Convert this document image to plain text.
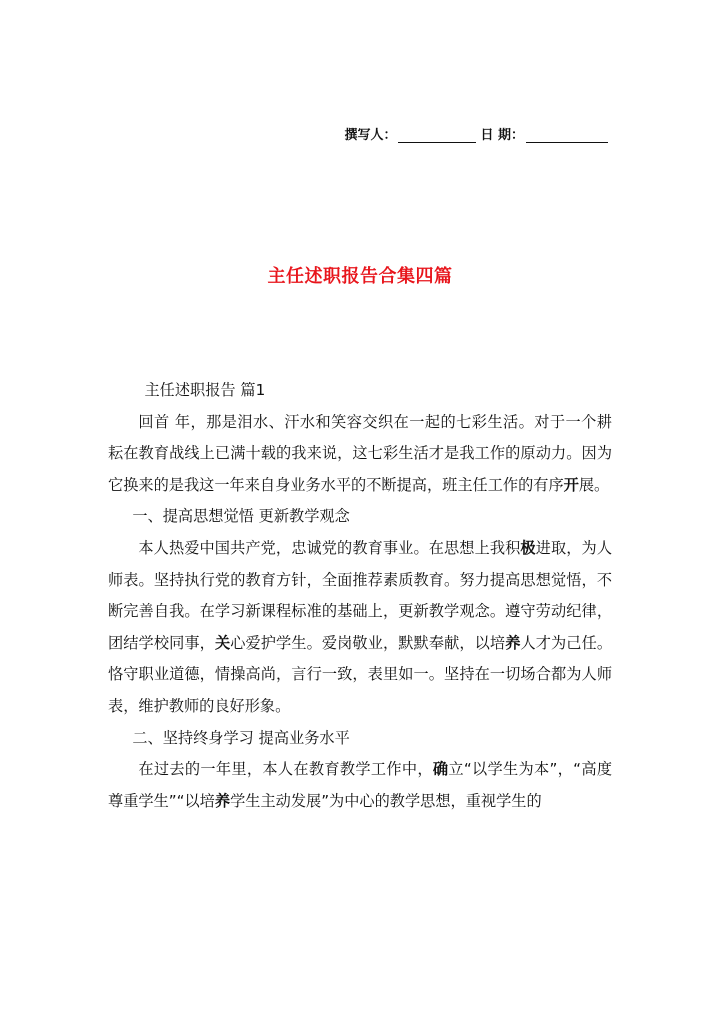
撰写人：	日 期：
主任述职报告合集四篇

主任述职报告 篇1

回首 年，那是泪水、汗水和笑容交织在一起的七彩生活。对于一个耕耘在教育战线上已满十载的我来说，这七彩生活才是我工作的原动力。因为它换来的是我这一年来自身业务水平的不断提高，班主任工作的有序开展。

一、提高思想觉悟 更新教学观念

本人热爱中国共产党，忠诚党的教育事业。在思想上我积极进取，为人师表。坚持执行党的教育方针，全面推荐素质教育。努力提高思想觉悟，不断完善自我。在学习新课程标准的基础上，更新教学观念。遵守劳动纪律，团结学校同事，关心爱护学生。爱岗敬业，默默奉献，以培养人才为己任。恪守职业道德，情操高尚，言行一致，表里如一。坚持在一切场合都为人师表，维护教师的良好形象。

二、坚持终身学习 提高业务水平

在过去的一年里，本人在教育教学工作中，确立“以学生为本”，“高度尊重学生”“以培养学生主动发展”为中心的教学思想，重视学生的
